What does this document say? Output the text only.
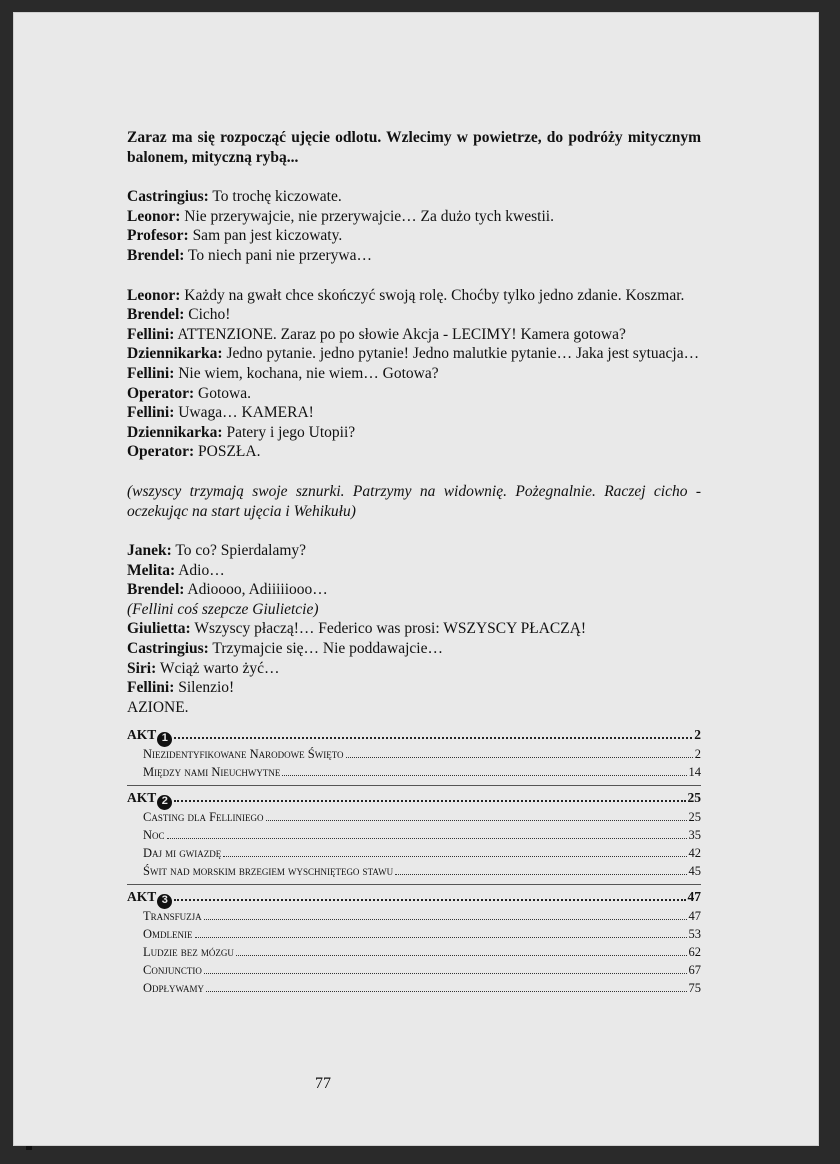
Zaraz ma się rozpocząć ujęcie odlotu. Wzlecimy w powietrze, do podróży mitycznym balonem, mityczną rybą...

Castringius: To trochę kiczowate.

Leonor: Nie przerywajcie, nie przerywajcie… Za dużo tych kwestii.

Profesor: Sam pan jest kiczowaty.

Brendel: To niech pani nie przerywa…

Leonor: Każdy na gwałt chce skończyć swoją rolę. Choćby tylko jedno zdanie. Koszmar.

Brendel: Cicho!

Fellini: ATTENZIONE. Zaraz po po słowie Akcja - LECIMY! Kamera gotowa?

Dziennikarka: Jedno pytanie. jedno pytanie! Jedno malutkie pytanie… Jaka jest sytuacja…

Fellini: Nie wiem, kochana, nie wiem… Gotowa?

Operator: Gotowa.

Fellini: Uwaga… KAMERA!

Dziennikarka: Patery i jego Utopii?

Operator: POSZŁA.

(wszyscy trzymają swoje sznurki. Patrzymy na widownię. Pożegnalnie. Raczej cicho - oczekując na start ujęcia i Wehikułu)

Janek: To co? Spierdalamy?

Melita: Adio…

Brendel: Adioooo, Adiiiiiooo…

(Fellini coś szepcze Giulietcie)

Giulietta: Wszyscy płaczą!… Federico was prosi: WSZYSCY PŁACZĄ!

Castringius: Trzymajcie się… Nie poddawajcie…

Siri: Wciąż warto żyć…

Fellini: Silenzio!

AZIONE.

AKT 1	2
Niezidentyfikowane Narodowe Święto	2
Między nami Nieuchwytne	14
AKT 2	25
Casting dla Felliniego	25
Noc	35
Daj mi gwiazdę	42
Świt nad morskim brzegiem wyschniętego stawu	45
AKT 3	47
Transfuzja	47
Omdlenie	53
Ludzie bez mózgu	62
Conjunctio	67
Odpływamy	75
77
